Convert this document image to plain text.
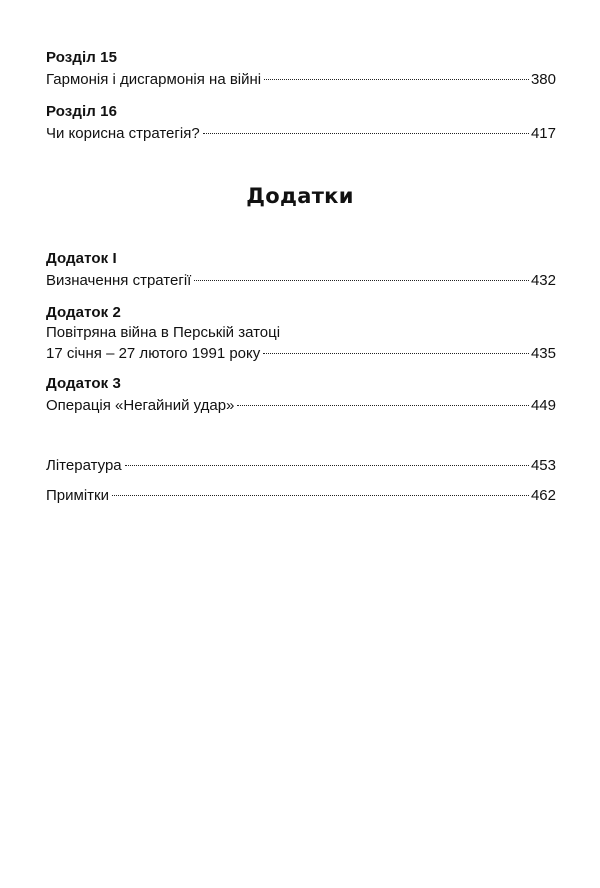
Розділ 15
Гармонія і дисгармонія на війні	380
Розділ 16
Чи корисна стратегія?	417
Додаток I
Визначення стратегії	432
Додаток 2
Повітряна війна в Перській затоці
17 січня – 27 лютого 1991 року	435
Додаток 3
Операція «Негайний удар»	449
Література	453
Примітки	462
Додатки
